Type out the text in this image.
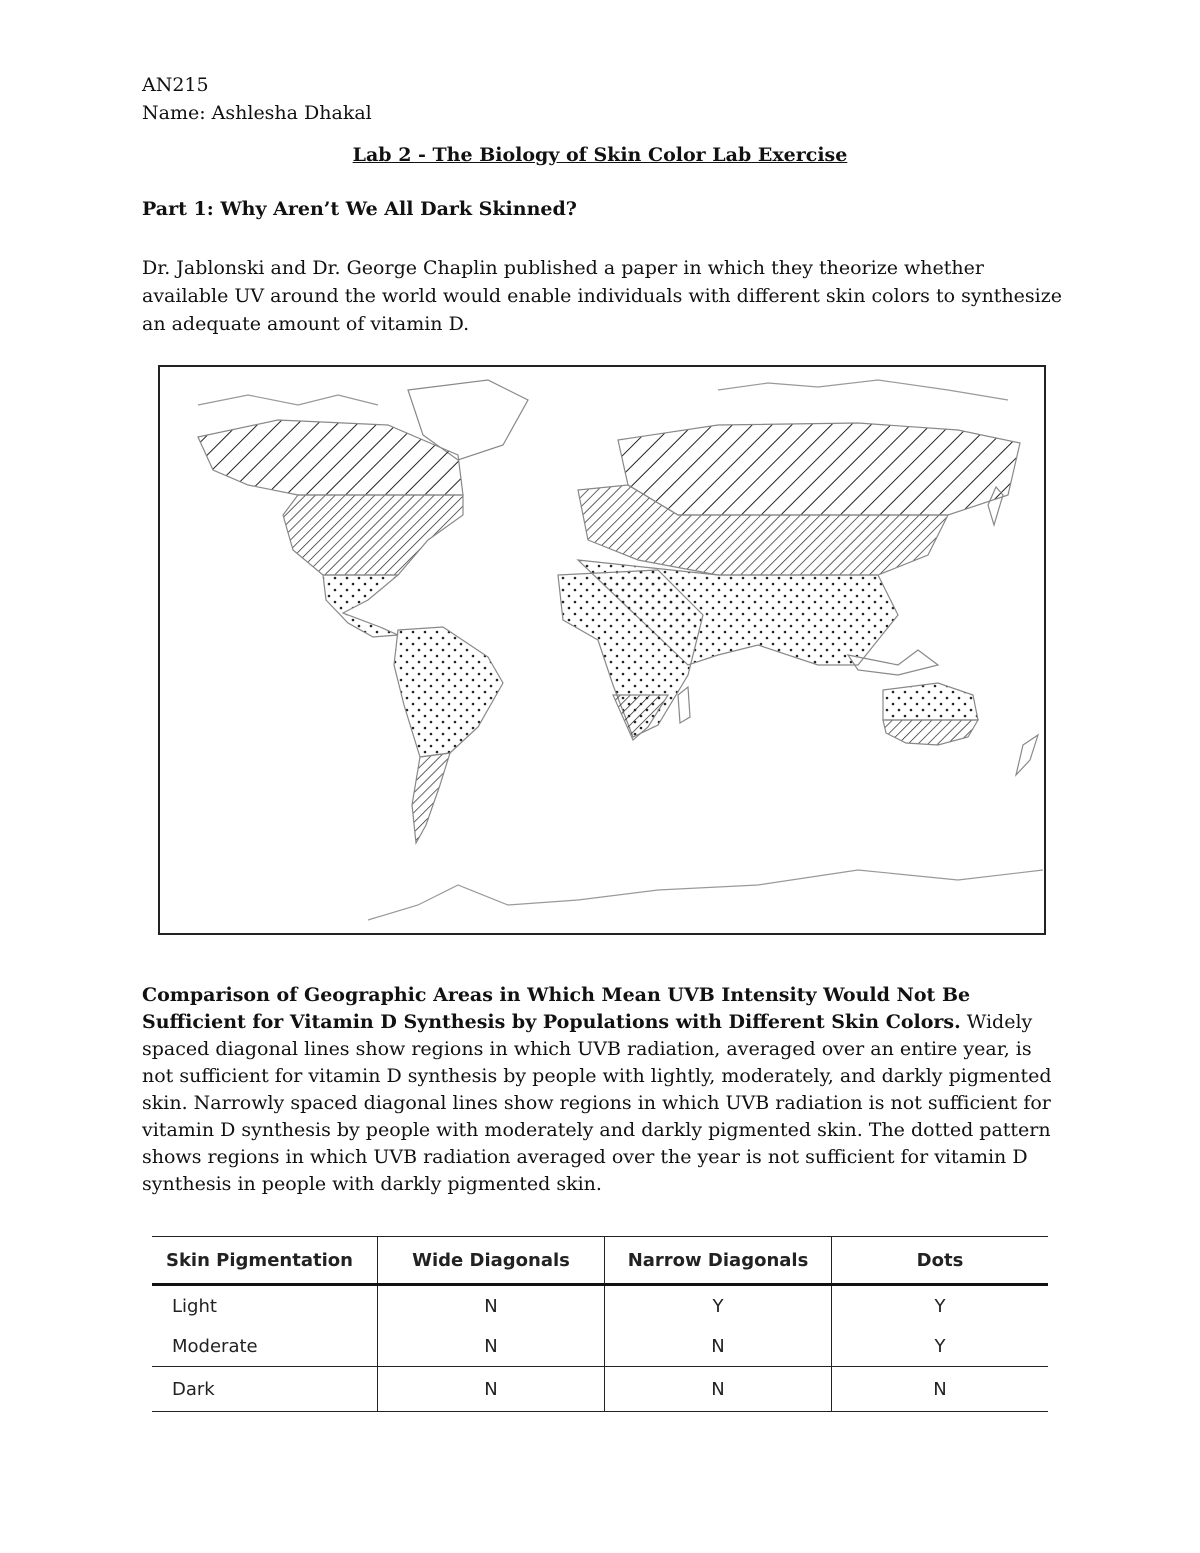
AN215
Name: Ashlesha Dhakal
Lab 2 - The Biology of Skin Color Lab Exercise
Part 1: Why Aren’t We All Dark Skinned?

Dr. Jablonski and Dr. George Chaplin published a paper in which they theorize whether available UV around the world would enable individuals with different skin colors to synthesize an adequate amount of vitamin D.

Comparison of Geographic Areas in Which Mean UVB Intensity Would Not Be Sufficient for Vitamin D Synthesis by Populations with Different Skin Colors. Widely spaced diagonal lines show regions in which UVB radiation, averaged over an entire year, is not sufficient for vitamin D synthesis by people with lightly, moderately, and darkly pigmented skin. Narrowly spaced diagonal lines show regions in which UVB radiation is not sufficient for vitamin D synthesis by people with moderately and darkly pigmented skin. The dotted pattern shows regions in which UVB radiation averaged over the year is not sufficient for vitamin D synthesis in people with darkly pigmented skin.

Skin Pigmentation	Wide Diagonals	Narrow Diagonals	Dots
Light	N	Y	Y
Moderate	N	N	Y
Dark	N	N	N
